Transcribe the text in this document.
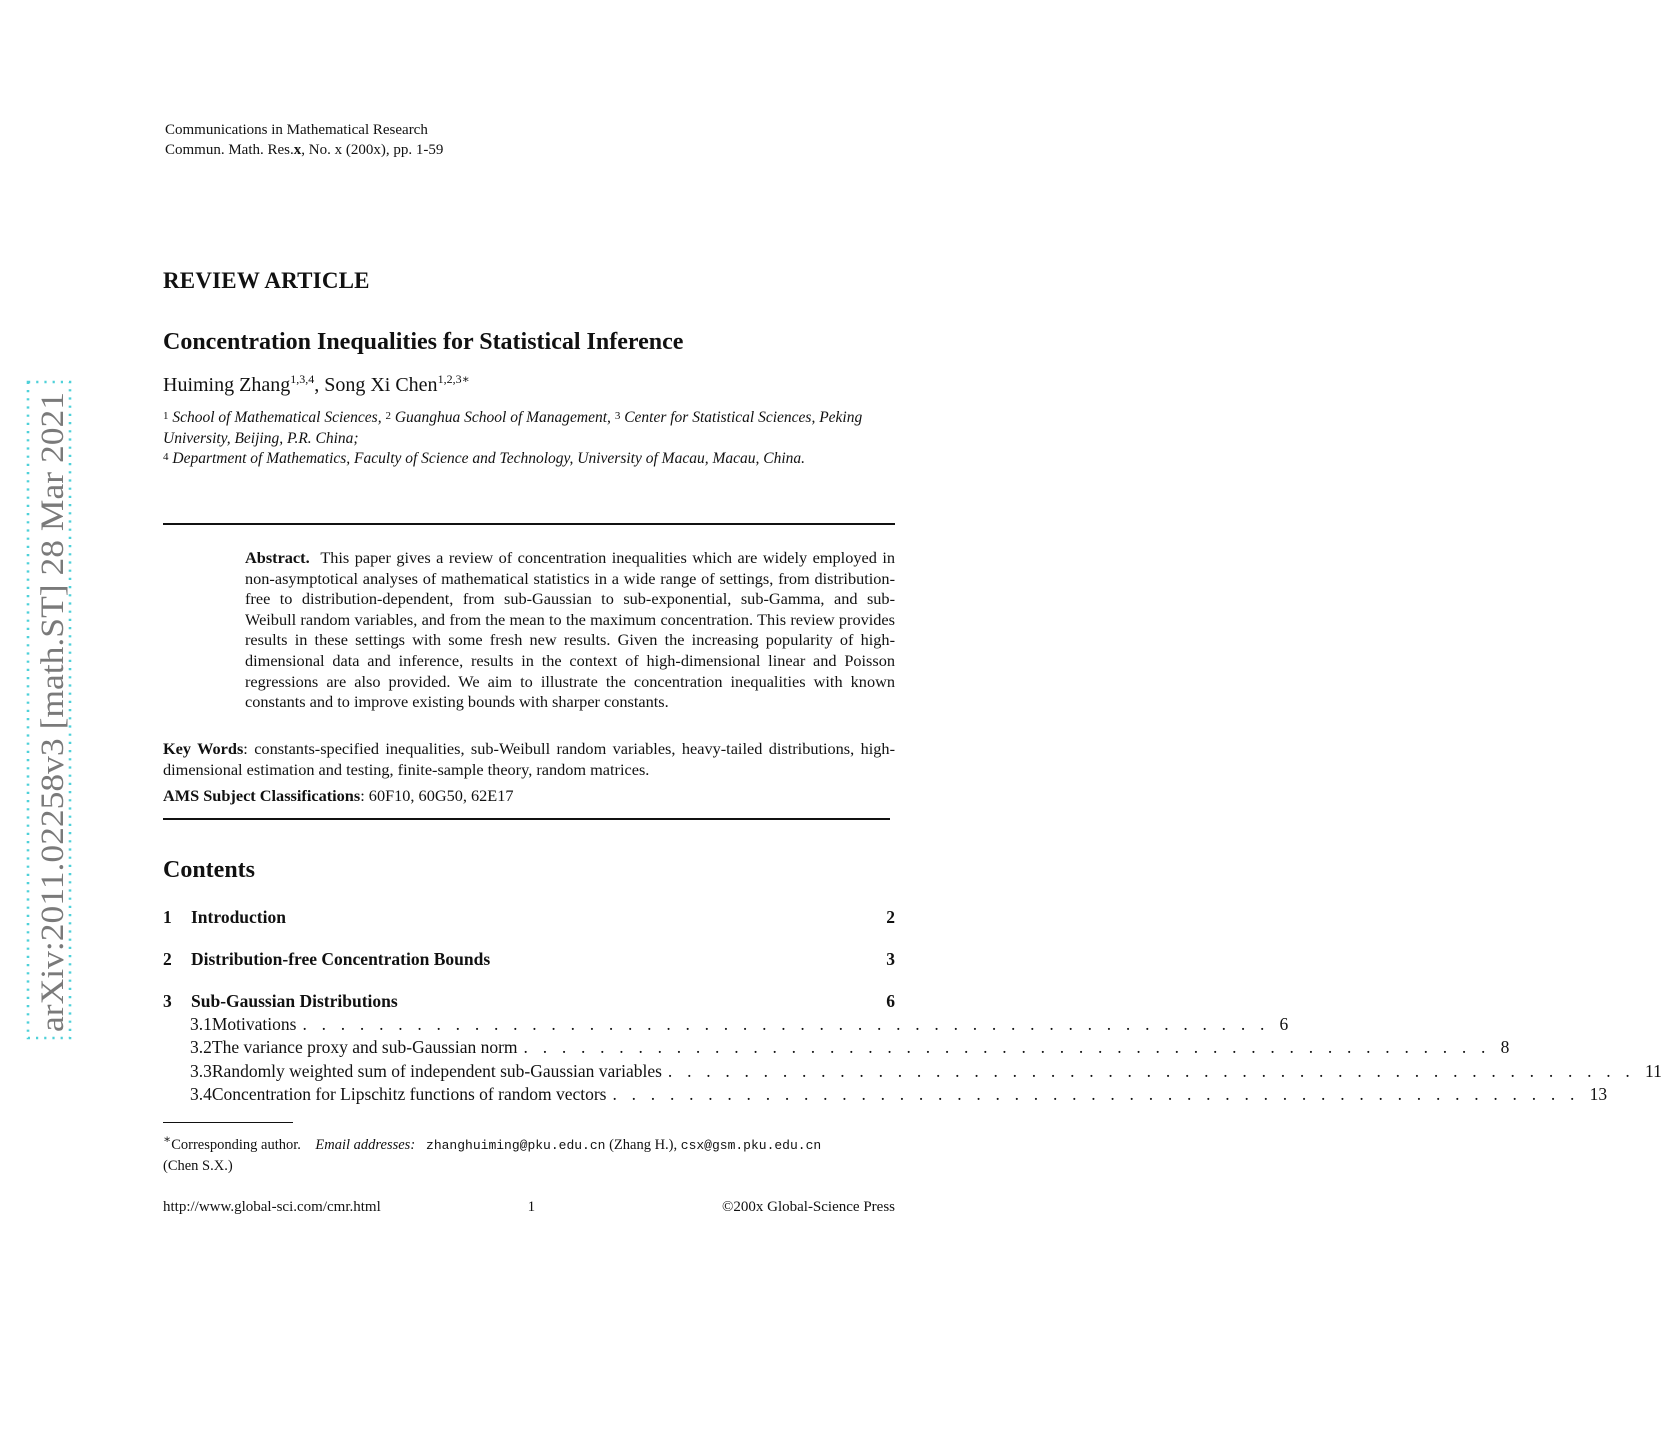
Communications in Mathematical Research
Commun. Math. Res.x, No. x (200x), pp. 1-59
REVIEW ARTICLE
Concentration Inequalities for Statistical Inference
Huiming Zhang$^{1,3,4}$, Song Xi Chen$^{1,2,3∗}$
$^1$ School of Mathematical Sciences, $^2$ Guanghua School of Management, $^3$ Center for Statistical Sciences, Peking University, Beijing, P.R. China;
$^4$ Department of Mathematics, Faculty of Science and Technology, University of Macau, Macau, China.
Abstract. This paper gives a review of concentration inequalities which are widely employed in non-asymptotical analyses of mathematical statistics in a wide range of settings, from distribution-free to distribution-dependent, from sub-Gaussian to sub-exponential, sub-Gamma, and sub-Weibull random variables, and from the mean to the maximum concentration. This review provides results in these settings with some fresh new results. Given the increasing popularity of high-dimensional data and inference, results in the context of high-dimensional linear and Poisson regressions are also provided. We aim to illustrate the concentration inequalities with known constants and to improve existing bounds with sharper constants.
Key Words: constants-specified inequalities, sub-Weibull random variables, heavy-tailed distributions, high-dimensional estimation and testing, finite-sample theory, random matrices.
AMS Subject Classifications: 60F10, 60G50, 62E17
Contents
1	Introduction	2
2	Distribution-free Concentration Bounds	3
3	Sub-Gaussian Distributions	6
3.1 Motivations . . . . . . . . . . . . . . . . . . . . . . . . . . . . . . . . . . . . . . . . . . . . . . . . . . . 6
3.2 The variance proxy and sub-Gaussian norm . . . . . . . . . . . . . . . . . . . . . . . . . . . . . . . . . . . . . . . . . . . . . . . . . . . 8
3.3 Randomly weighted sum of independent sub-Gaussian variables . . . . . . . . . . . . . . . . . . . . . . . . . . . . . . . . . . . . . . . . . . . . . . . . . . . 11
3.4 Concentration for Lipschitz functions of random vectors . . . . . . . . . . . . . . . . . . . . . . . . . . . . . . . . . . . . . . . . . . . . . . . . . . . 13
∗Corresponding author. Email addresses: zhanghuiming@pku.edu.cn (Zhang H.), csx@gsm.pku.edu.cn
(Chen S.X.)
http://www.global-sci.com/cmr.html	1	©200x Global-Science Press
arXiv:2011.02258v3 [math.ST] 28 Mar 2021
